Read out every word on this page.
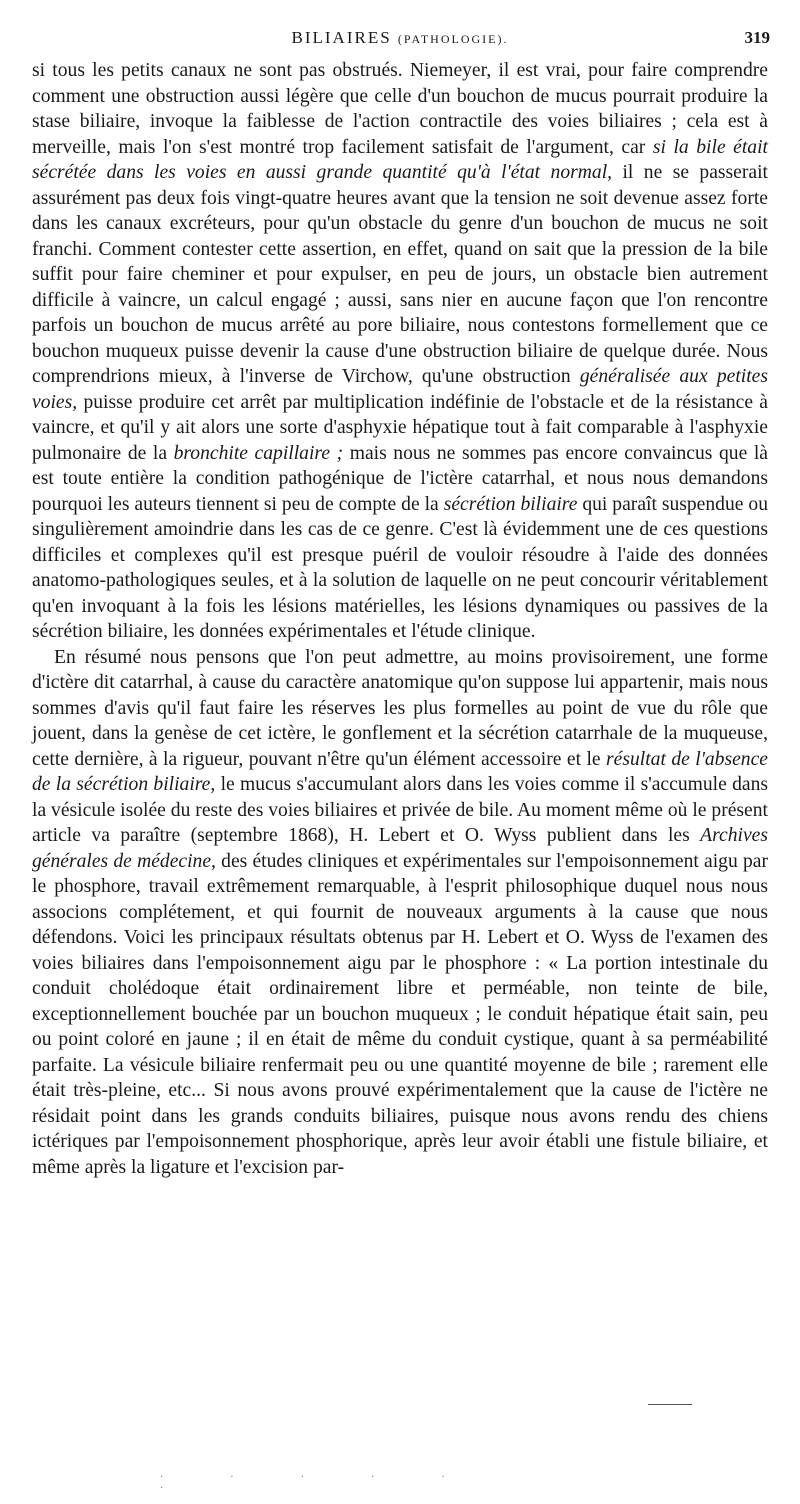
BILIAIRES (PATHOLOGIE).	319

si tous les petits canaux ne sont pas obstrués. Niemeyer, il est vrai, pour faire comprendre comment une obstruction aussi légère que celle d'un bouchon de mucus pourrait produire la stase biliaire, invoque la faiblesse de l'action contractile des voies biliaires ; cela est à merveille, mais l'on s'est montré trop facilement satisfait de l'argument, car si la bile était sécrétée dans les voies en aussi grande quantité qu'à l'état normal, il ne se passerait assurément pas deux fois vingt-quatre heures avant que la tension ne soit devenue assez forte dans les canaux excréteurs, pour qu'un obstacle du genre d'un bouchon de mucus ne soit franchi. Comment contester cette assertion, en effet, quand on sait que la pression de la bile suffit pour faire cheminer et pour expulser, en peu de jours, un obstacle bien autrement difficile à vaincre, un calcul engagé ; aussi, sans nier en aucune façon que l'on rencontre parfois un bouchon de mucus arrêté au pore biliaire, nous contestons formellement que ce bouchon muqueux puisse devenir la cause d'une obstruction biliaire de quelque durée. Nous comprendrions mieux, à l'inverse de Virchow, qu'une obstruction généralisée aux petites voies, puisse produire cet arrêt par multiplication indéfinie de l'obstacle et de la résistance à vaincre, et qu'il y ait alors une sorte d'asphyxie hépatique tout à fait comparable à l'asphyxie pulmonaire de la bronchite capillaire ; mais nous ne sommes pas encore convaincus que là est toute entière la condition pathogénique de l'ictère catarrhal, et nous nous demandons pourquoi les auteurs tiennent si peu de compte de la sécrétion biliaire qui paraît suspendue ou singulièrement amoindrie dans les cas de ce genre. C'est là évidemment une de ces questions difficiles et complexes qu'il est presque puéril de vouloir résoudre à l'aide des données anatomo-pathologiques seules, et à la solution de laquelle on ne peut concourir véritablement qu'en invoquant à la fois les lésions matérielles, les lésions dynamiques ou passives de la sécrétion biliaire, les données expérimentales et l'étude clinique.

En résumé nous pensons que l'on peut admettre, au moins provisoirement, une forme d'ictère dit catarrhal, à cause du caractère anatomique qu'on suppose lui appartenir, mais nous sommes d'avis qu'il faut faire les réserves les plus formelles au point de vue du rôle que jouent, dans la genèse de cet ictère, le gonflement et la sécrétion catarrhale de la muqueuse, cette dernière, à la rigueur, pouvant n'être qu'un élément accessoire et le résultat de l'absence de la sécrétion biliaire, le mucus s'accumulant alors dans les voies comme il s'accumule dans la vésicule isolée du reste des voies biliaires et privée de bile. Au moment même où le présent article va paraître (septembre 1868), H. Lebert et O. Wyss publient dans les Archives générales de médecine, des études cliniques et expérimentales sur l'empoisonnement aigu par le phosphore, travail extrêmement remarquable, à l'esprit philosophique duquel nous nous associons complétement, et qui fournit de nouveaux arguments à la cause que nous défendons. Voici les principaux résultats obtenus par H. Lebert et O. Wyss de l'examen des voies biliaires dans l'empoisonnement aigu par le phosphore : « La portion intestinale du conduit cholédoque était ordinairement libre et perméable, non teinte de bile, exceptionnellement bouchée par un bouchon muqueux ; le conduit hépatique était sain, peu ou point coloré en jaune ; il en était de même du conduit cystique, quant à sa perméabilité parfaite. La vésicule biliaire renfermait peu ou une quantité moyenne de bile ; rarement elle était très-pleine, etc... Si nous avons prouvé expérimentalement que la cause de l'ictère ne résidait point dans les grands conduits biliaires, puisque nous avons rendu des chiens ictériques par l'empoisonnement phosphorique, après leur avoir établi une fistule biliaire, et même après la ligature et l'excision par-

· · · · · ·
